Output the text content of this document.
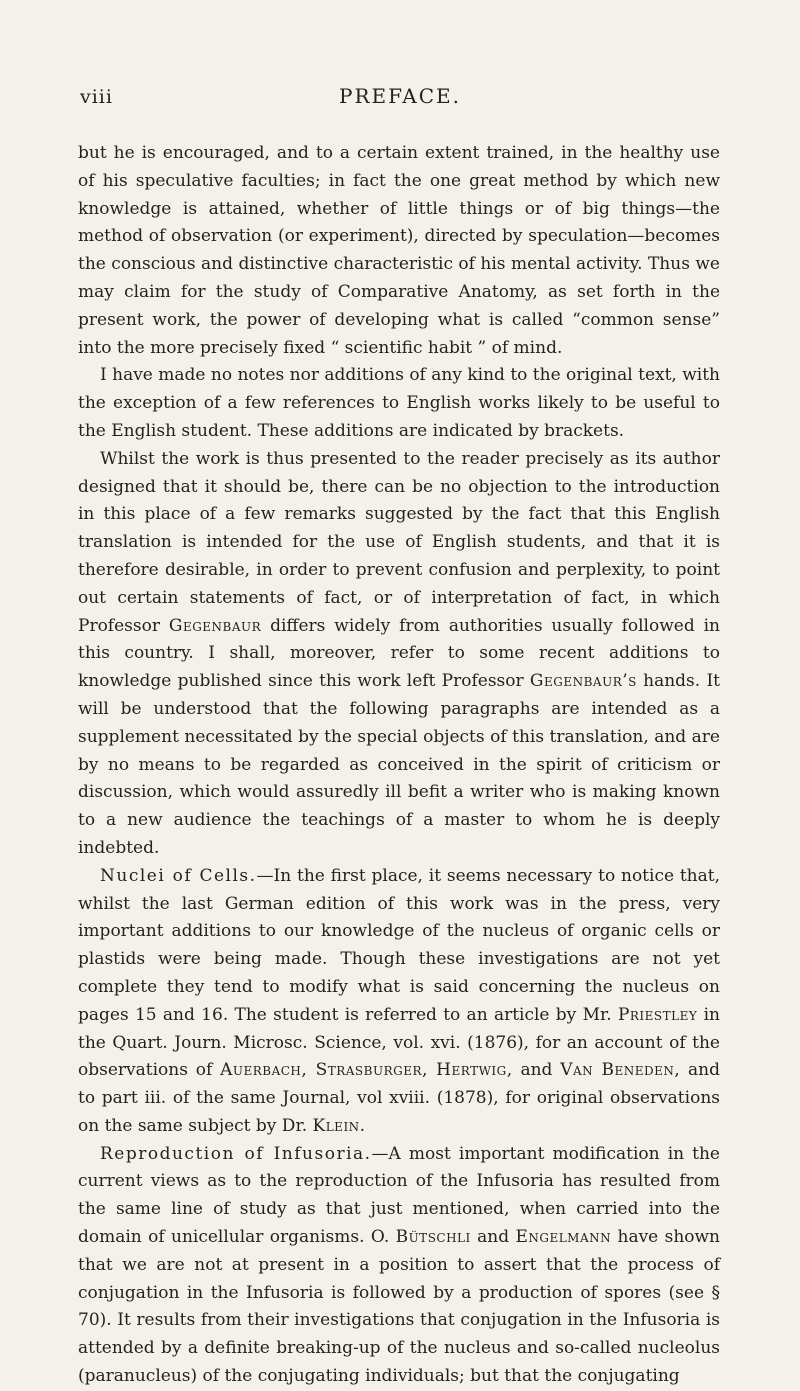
viii	PREFACE.

but he is encouraged, and to a certain extent trained, in the healthy use of his speculative faculties; in fact the one great method by which new knowledge is attained, whether of little things or of big things—the method of observation (or experiment), directed by speculation—becomes the conscious and distinctive characteristic of his mental activity. Thus we may claim for the study of Comparative Anatomy, as set forth in the present work, the power of developing what is called “common sense” into the more precisely fixed “ scientific habit ” of mind.

I have made no notes nor additions of any kind to the original text, with the exception of a few references to English works likely to be useful to the English student. These additions are indicated by brackets.

Whilst the work is thus presented to the reader precisely as its author designed that it should be, there can be no objection to the introduction in this place of a few remarks suggested by the fact that this English translation is intended for the use of English students, and that it is therefore desirable, in order to prevent confusion and perplexity, to point out certain statements of fact, or of interpretation of fact, in which Professor Gegenbaur differs widely from authorities usually followed in this country. I shall, moreover, refer to some recent additions to knowledge published since this work left Professor Gegenbaur’s hands. It will be understood that the following paragraphs are intended as a supplement necessitated by the special objects of this translation, and are by no means to be regarded as conceived in the spirit of criticism or discussion, which would assuredly ill befit a writer who is making known to a new audience the teachings of a master to whom he is deeply indebted.

Nuclei of Cells.—In the first place, it seems necessary to notice that, whilst the last German edition of this work was in the press, very important additions to our knowledge of the nucleus of organic cells or plastids were being made. Though these investigations are not yet complete they tend to modify what is said concerning the nucleus on pages 15 and 16. The student is referred to an article by Mr. Priestley in the Quart. Journ. Microsc. Science, vol. xvi. (1876), for an account of the observations of Auerbach, Strasburger, Hertwig, and Van Beneden, and to part iii. of the same Journal, vol xviii. (1878), for original observations on the same subject by Dr. Klein.

Reproduction of Infusoria.—A most important modification in the current views as to the reproduction of the Infusoria has resulted from the same line of study as that just mentioned, when carried into the domain of unicellular organisms. O. Bütschli and Engelmann have shown that we are not at present in a position to assert that the process of conjugation in the Infusoria is followed by a production of spores (see § 70). It results from their investigations that conjugation in the Infusoria is attended by a definite breaking-up of the nucleus and so-called nucleolus (paranucleus) of the conjugating individuals; but that the conjugating
